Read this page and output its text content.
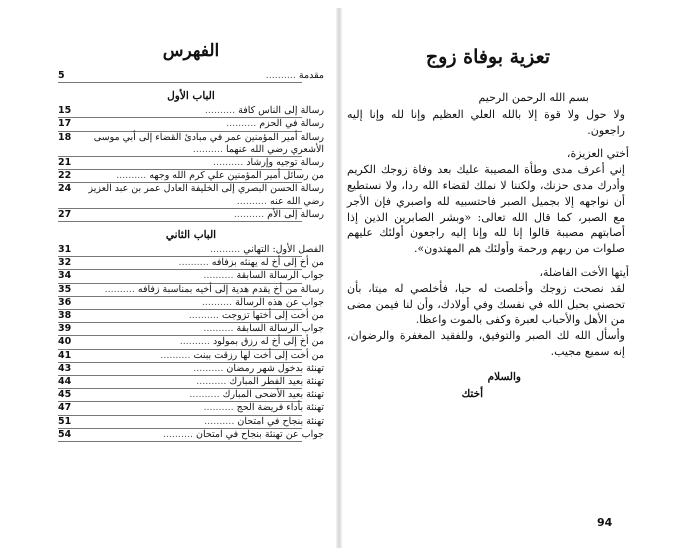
الفهرس
مقدمة ..........
5
الباب الأول
رسالة إلى الناس كافة ..........
15
رسالة في الحزم ..........
17
رسالة أمير المؤمنين عمر في مبادئ القضاء إلى أبي موسى الأشعري رضي الله عنهما ..........
18
رسالة توجيه وإرشاد ..........
21
من رسائل أمير المؤمنين علي كرم الله وجهه ..........
22
رسالة الحسن البصري إلى الخليفة العادل عمر بن عبد العزيز رضي الله عنه ..........
24
رسالة إلى الأم ..........
27
الباب الثاني
الفصل الأول: التهاني ..........
31
من أخ إلى أخ له يهنئه بزفافه ..........
32
جواب الرسالة السابقة ..........
34
رسالة من أخ يقدم هدية إلى أخيه بمناسبة زفافه ..........
35
جواب عن هذه الرسالة ..........
36
من أخت إلى أختها تزوجت ..........
38
جواب الرسالة السابقة ..........
39
من أخ إلى أخ له رزق بمولود ..........
40
من أخت إلى أخت لها رزقت ببنت ..........
41
تهنئة بدخول شهر رمضان ..........
43
تهنئة بعيد الفطر المبارك ..........
44
تهنئة بعيد الأضحى المبارك ..........
45
تهنئة بأداء فريضة الحج ..........
47
تهنئة بنجاح في امتحان ..........
51
جواب عن تهنئة بنجاح في امتحان ..........
54
تعزية بوفاة زوج

بسم الله الرحمن الرحيم

ولا حول ولا قوة إلا بالله العلي العظيم وإنا لله وإنا إليه راجعون.

أختي العزيزة،

إني أعرف مدى وطأة المصيبة عليك بعد وفاة زوجك الكريم وأدرك مدى حزنك، ولكننا لا نملك لقضاء الله ردا، ولا نستطيع أن نواجهه إلا بجميل الصبر فاحتسبيه لله واصبري فإن الأجر مع الصبر، كما قال الله تعالى: «وبشر الصابرين الذين إذا أصابتهم مصيبة قالوا إنا لله وإنا إليه راجعون أولئك عليهم صلوات من ربهم ورحمة وأولئك هم المهتدون».

أيتها الأخت الفاضلة،

لقد نصحت زوجك وأخلصت له حيا، فأخلصي له ميتا، بأن تحصني بحبل الله في نفسك وفي أولادك، وأن لنا فيمن مضى من الأهل والأحباب لعبرة وكفى بالموت واعظا.

وأسأل الله لك الصبر والتوفيق، وللفقيد المغفرة والرضوان، إنه سميع مجيب.

والسلام
أختك
94
